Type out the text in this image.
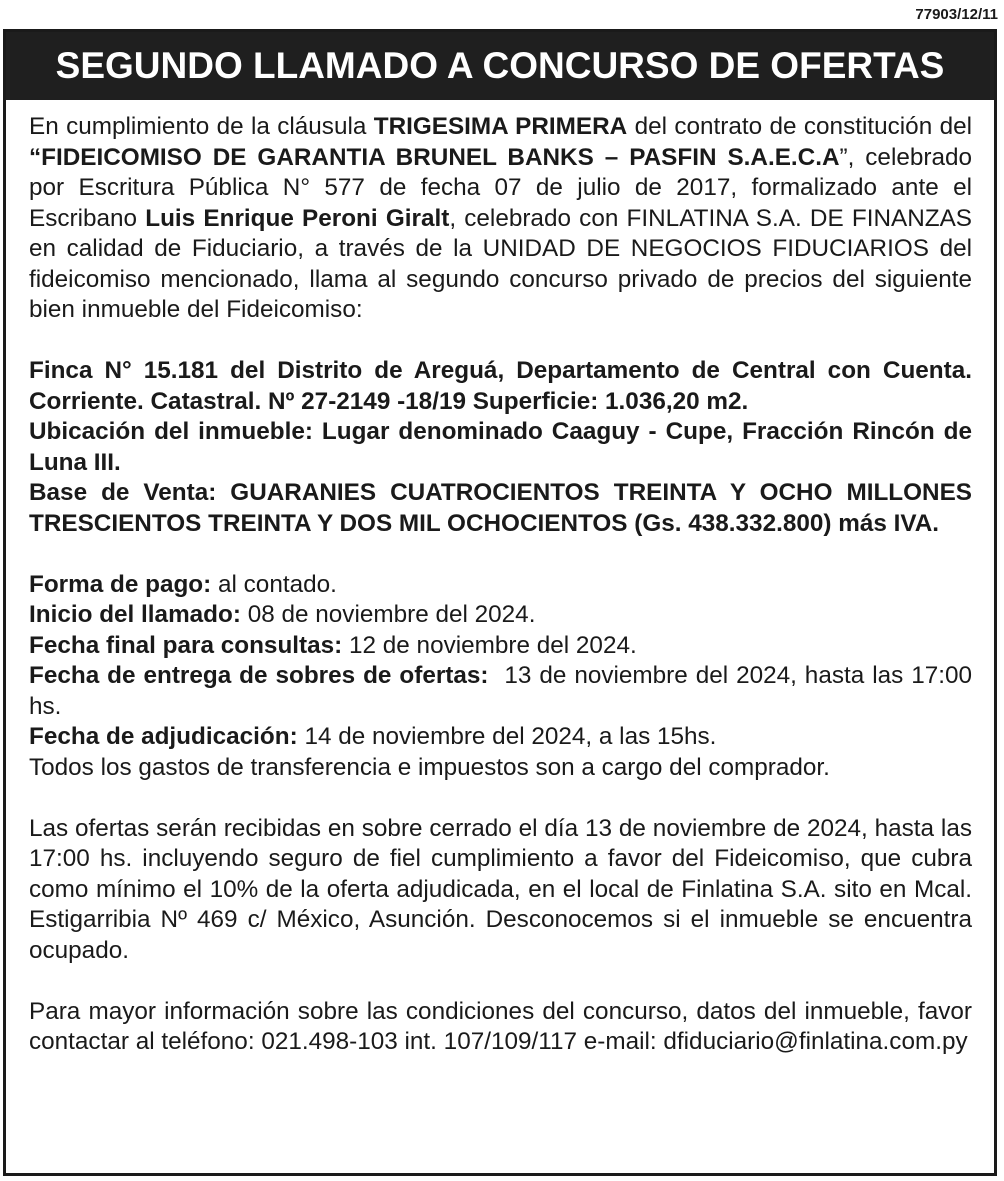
77903/12/11
SEGUNDO LLAMADO A CONCURSO DE OFERTAS

En cumplimiento de la cláusula TRIGESIMA PRIMERA del contrato de constitución del “FIDEICOMISO DE GARANTIA BRUNEL BANKS – PASFIN S.A.E.C.A”, celebrado por Escritura Pública N° 577 de fecha 07 de julio de 2017, formalizado ante el Escribano Luis Enrique Peroni Giralt, celebrado con FINLATINA S.A. DE FINANZAS en calidad de Fiduciario, a través de la UNIDAD DE NEGOCIOS FIDUCIARIOS del fideicomiso mencionado, llama al segundo concurso privado de precios del siguiente bien inmueble del Fideicomiso:

Finca N° 15.181 del Distrito de Areguá, Departamento de Central con Cuenta. Corriente. Catastral. Nº 27-2149 -18/19 Superficie: 1.036,20 m2.

Ubicación del inmueble: Lugar denominado Caaguy - Cupe, Fracción Rincón de Luna III.

Base de Venta: GUARANIES CUATROCIENTOS TREINTA Y OCHO MILLONES TRESCIENTOS TREINTA Y DOS MIL OCHOCIENTOS (Gs. 438.332.800) más IVA.

Forma de pago: al contado.

Inicio del llamado: 08 de noviembre del 2024.

Fecha final para consultas: 12 de noviembre del 2024.

Fecha de entrega de sobres de ofertas:  13 de noviembre del 2024, hasta las 17:00 hs.

Fecha de adjudicación: 14 de noviembre del 2024, a las 15hs.

Todos los gastos de transferencia e impuestos son a cargo del comprador.

Las ofertas serán recibidas en sobre cerrado el día 13 de noviembre de 2024, hasta las 17:00 hs. incluyendo seguro de fiel cumplimiento a favor del Fideicomiso, que cubra como mínimo el 10% de la oferta adjudicada, en el local de Finlatina S.A. sito en Mcal. Estigarribia Nº 469 c/ México, Asunción. Desconocemos si el inmueble se encuentra ocupado.

Para mayor información sobre las condiciones del concurso, datos del inmueble, favor contactar al teléfono: 021.498-103 int. 107/109/117 e-mail: dfiduciario@finlatina.com.py
